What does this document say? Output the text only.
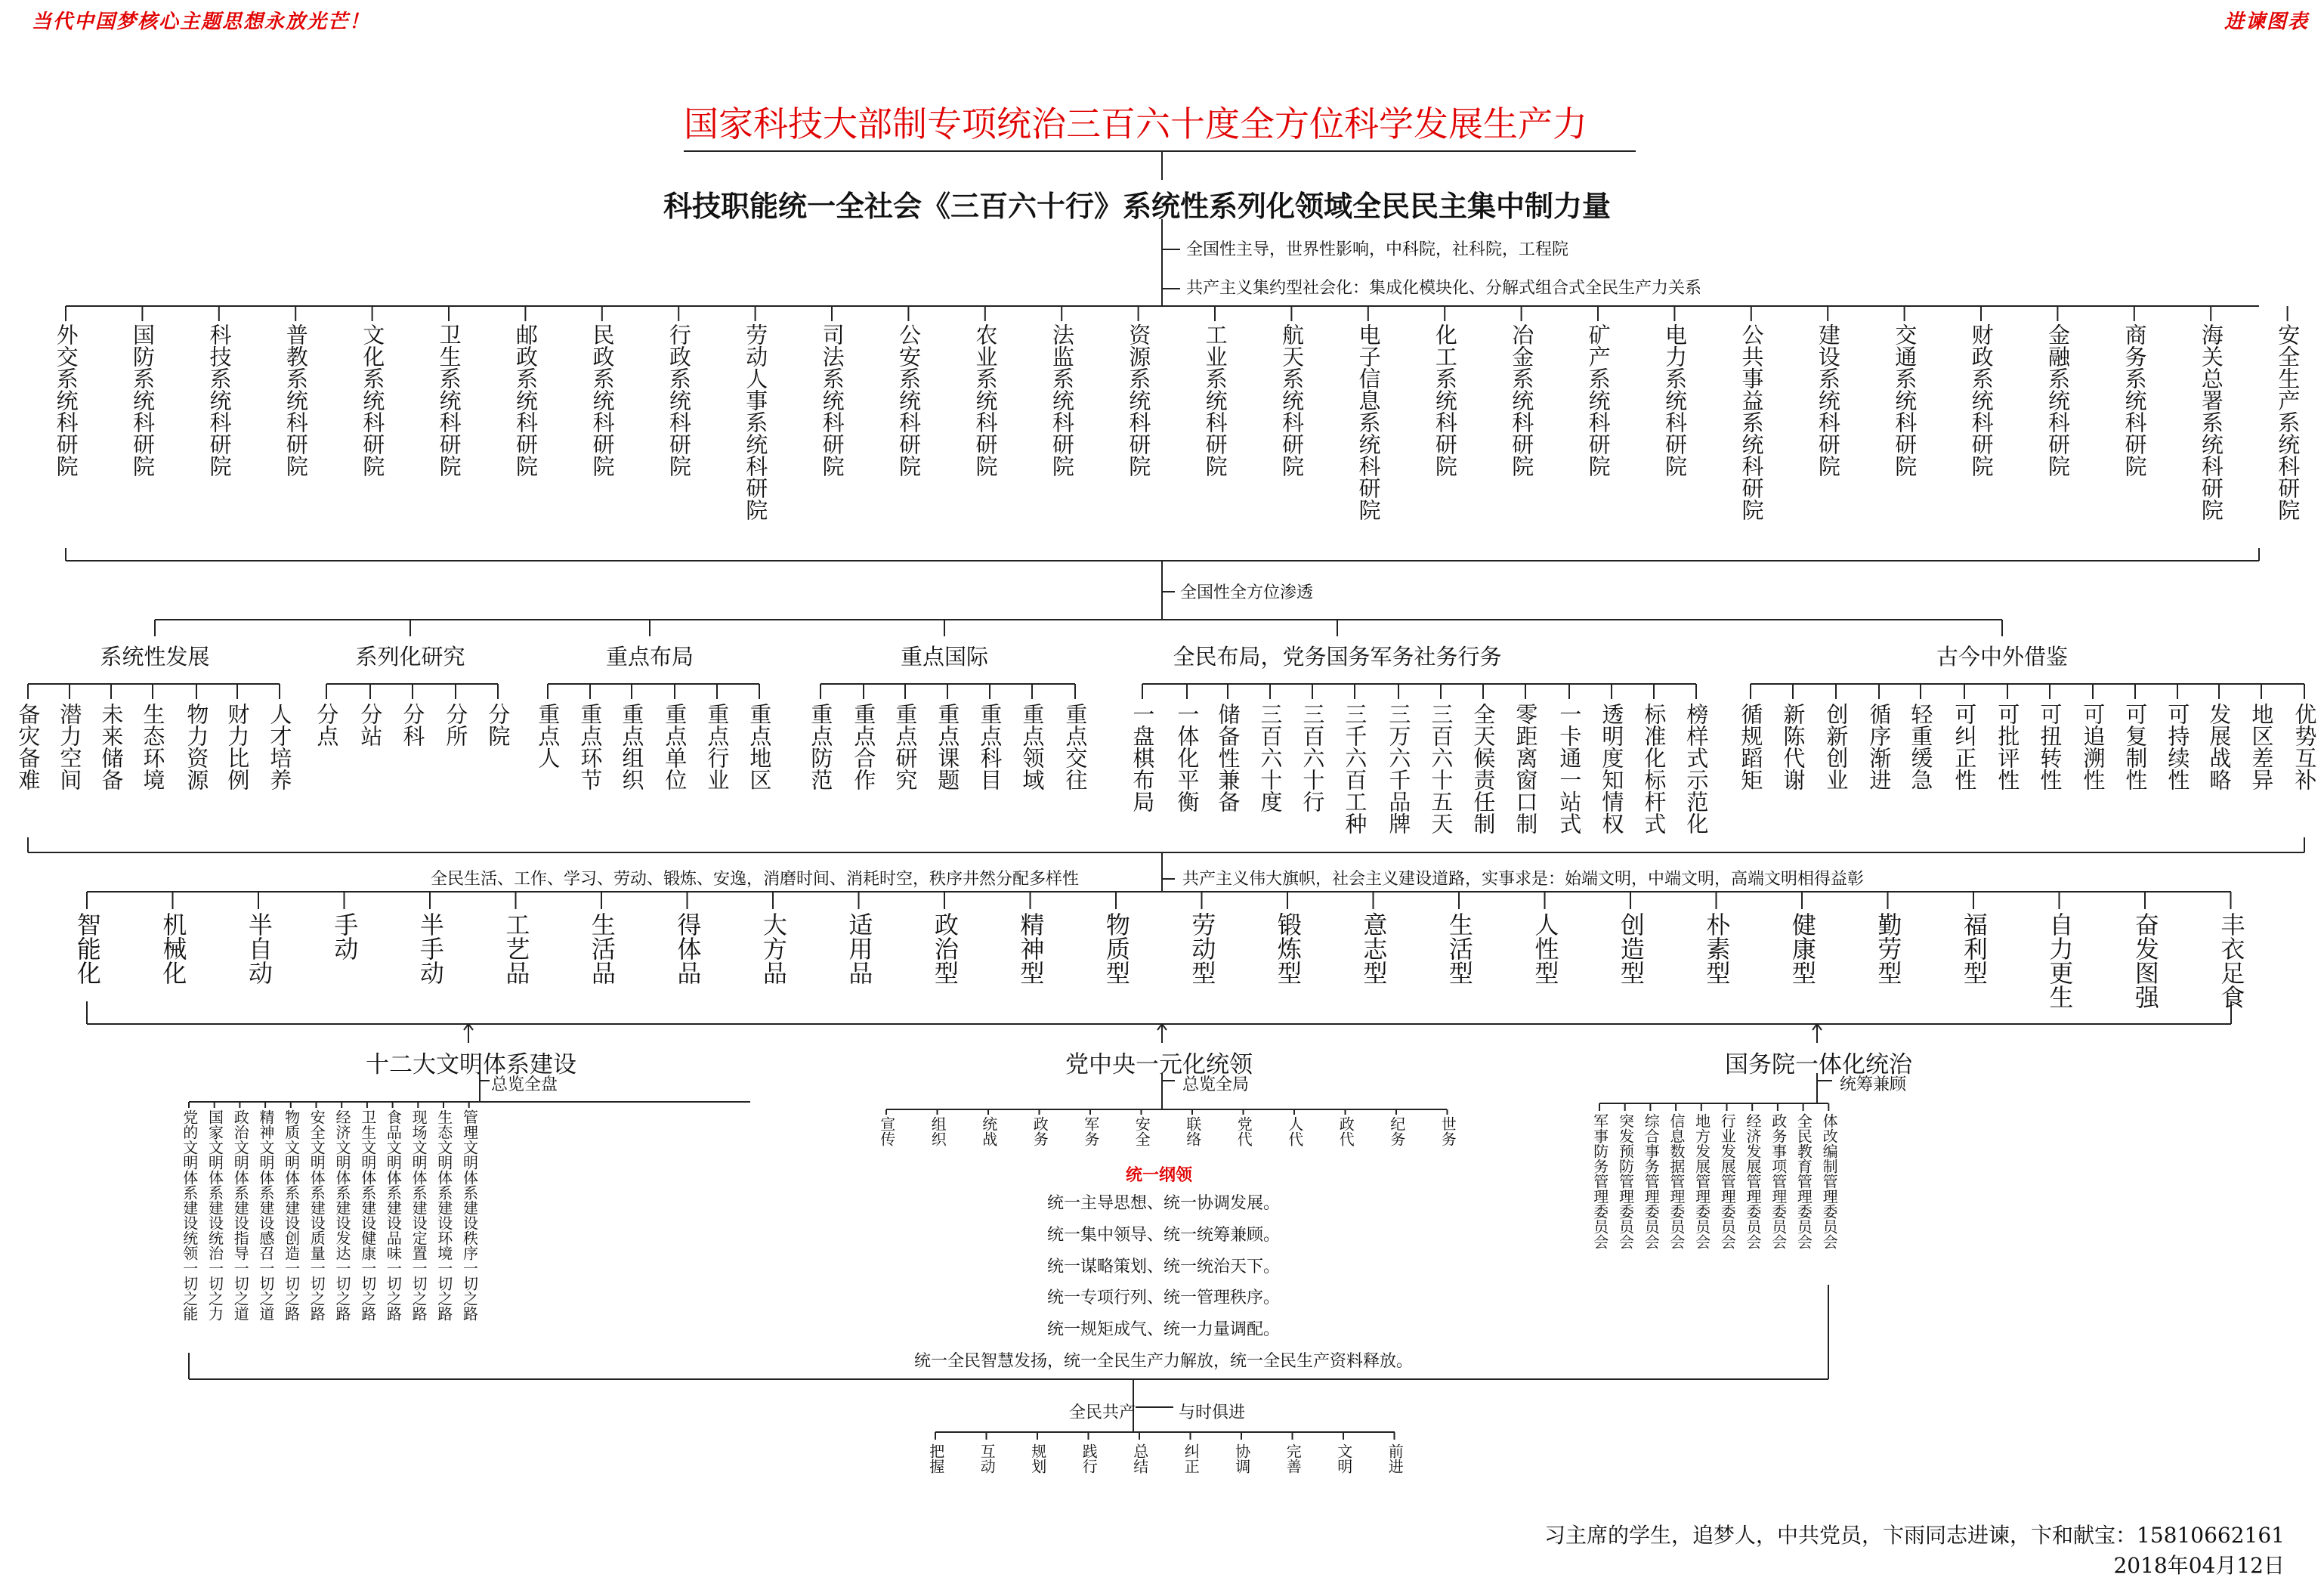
当代中国梦核心主题思想永放光芒！	进谏图表
国家科技大部制专项统治三百六十度全方位科学发展生产力
科技职能统一全社会《三百六十行》系统性系列化领域全民民主集中制力量
全国性主导，世界性影响，中科院，社科院，工程院
共产主义集约型社会化：集成化模块化、分解式组合式全民生产力关系
全国性全方位渗透
全民生活、工作、学习、劳动、锻炼、安逸，消磨时间、消耗时空，秩序井然分配多样性	共产主义伟大旗帜，社会主义建设道路，实事求是：始端文明，中端文明，高端文明相得益彰
外交系统科研院 国防系统科研院 科技系统科研院 普教系统科研院 文化系统科研院 卫生系统科研院 邮政系统科研院 民政系统科研院 行政系统科研院 劳动人事系统科研院 司法系统科研院 公安系统科研院 农业系统科研院 法监系统科研院 资源系统科研院 工业系统科研院 航天系统科研院 电子信息系统科研院 化工系统科研院 冶金系统科研院 矿产系统科研院 电力系统科研院 公共事益系统科研院 建设系统科研院 交通系统科研院 财政系统科研院 金融系统科研院 商务系统科研院 海关总署系统科研院 安全生产系统科研院
系统性发展
备灾备难 潜力空间 未来储备 生态环境 物力资源 财力比例 人才培养
系列化研究
分点 分站 分科 分所 分院
重点布局
重点人 重点环节 重点组织 重点单位 重点行业 重点地区
重点国际
重点防范 重点合作 重点研究 重点课题 重点科目 重点领域 重点交往
全民布局，党务国务军务社务行务
一盘棋布局 一体化平衡 储备性兼备 三百六十度 三百六十行 三千六百工种 三万六千品牌 三百六十五天 全天候责任制 零距离窗口制 一卡通一站式 透明度知情权 标准化标杆式 榜样式示范化
古今中外借鉴
循规蹈矩 新陈代谢 创新创业 循序渐进 轻重缓急 可纠正性 可批评性 可扭转性 可追溯性 可复制性 可持续性 发展战略 地区差异 优势互补
智能化 机械化 半自动 手动 半手动 工艺品 生活品 得体品 大方品 适用品 政治型 精神型 物质型 劳动型 锻炼型 意志型 生活型 人性型 创造型 朴素型 健康型 勤劳型 福利型 自力更生 奋发图强 丰衣足食
十二大文明体系建设
总览全盘
党中央一元化统领
总览全局
国务院一体化统治
统筹兼顾
党的文明体系建设统领一切之能 国家文明体系建设统治一切之力 政治文明体系建设指导一切之道 精神文明体系建设感召一切之道 物质文明体系建设创造一切之路 安全文明体系建设质量一切之路 经济文明体系建设发达一切之路 卫生文明体系建设健康一切之路 食品文明体系建设品味一切之路 现场文明体系建设定置一切之路 生态文明体系建设环境一切之路 管理文明体系建设秩序一切之路	宣传 组织 统战 政务 军务 安全 联络 党代 人代 政代 纪务 世务	军事防务管理委员会 突发预防管理委员会 综合事务管理委员会 信息数据管理委员会 地方发展管理委员会 行业发展管理委员会 经济发展管理委员会 政务事项管理委员会 全民教育管理委员会 体改编制管理委员会
统一纲领
统一主导思想、统一协调发展。
统一集中领导、统一统筹兼顾。
统一谋略策划、统一统治天下。
统一专项行列、统一管理秩序。
统一规矩成气、统一力量调配。
统一全民智慧发扬，统一全民生产力解放，统一全民生产资料释放。
全民共产	与时俱进
把握 互动 规划 践行 总结 纠正 协调 完善 文明 前进
习主席的学生，追梦人，中共党员，卞雨同志进谏，卞和献宝：15810662161
2018年04月12日
